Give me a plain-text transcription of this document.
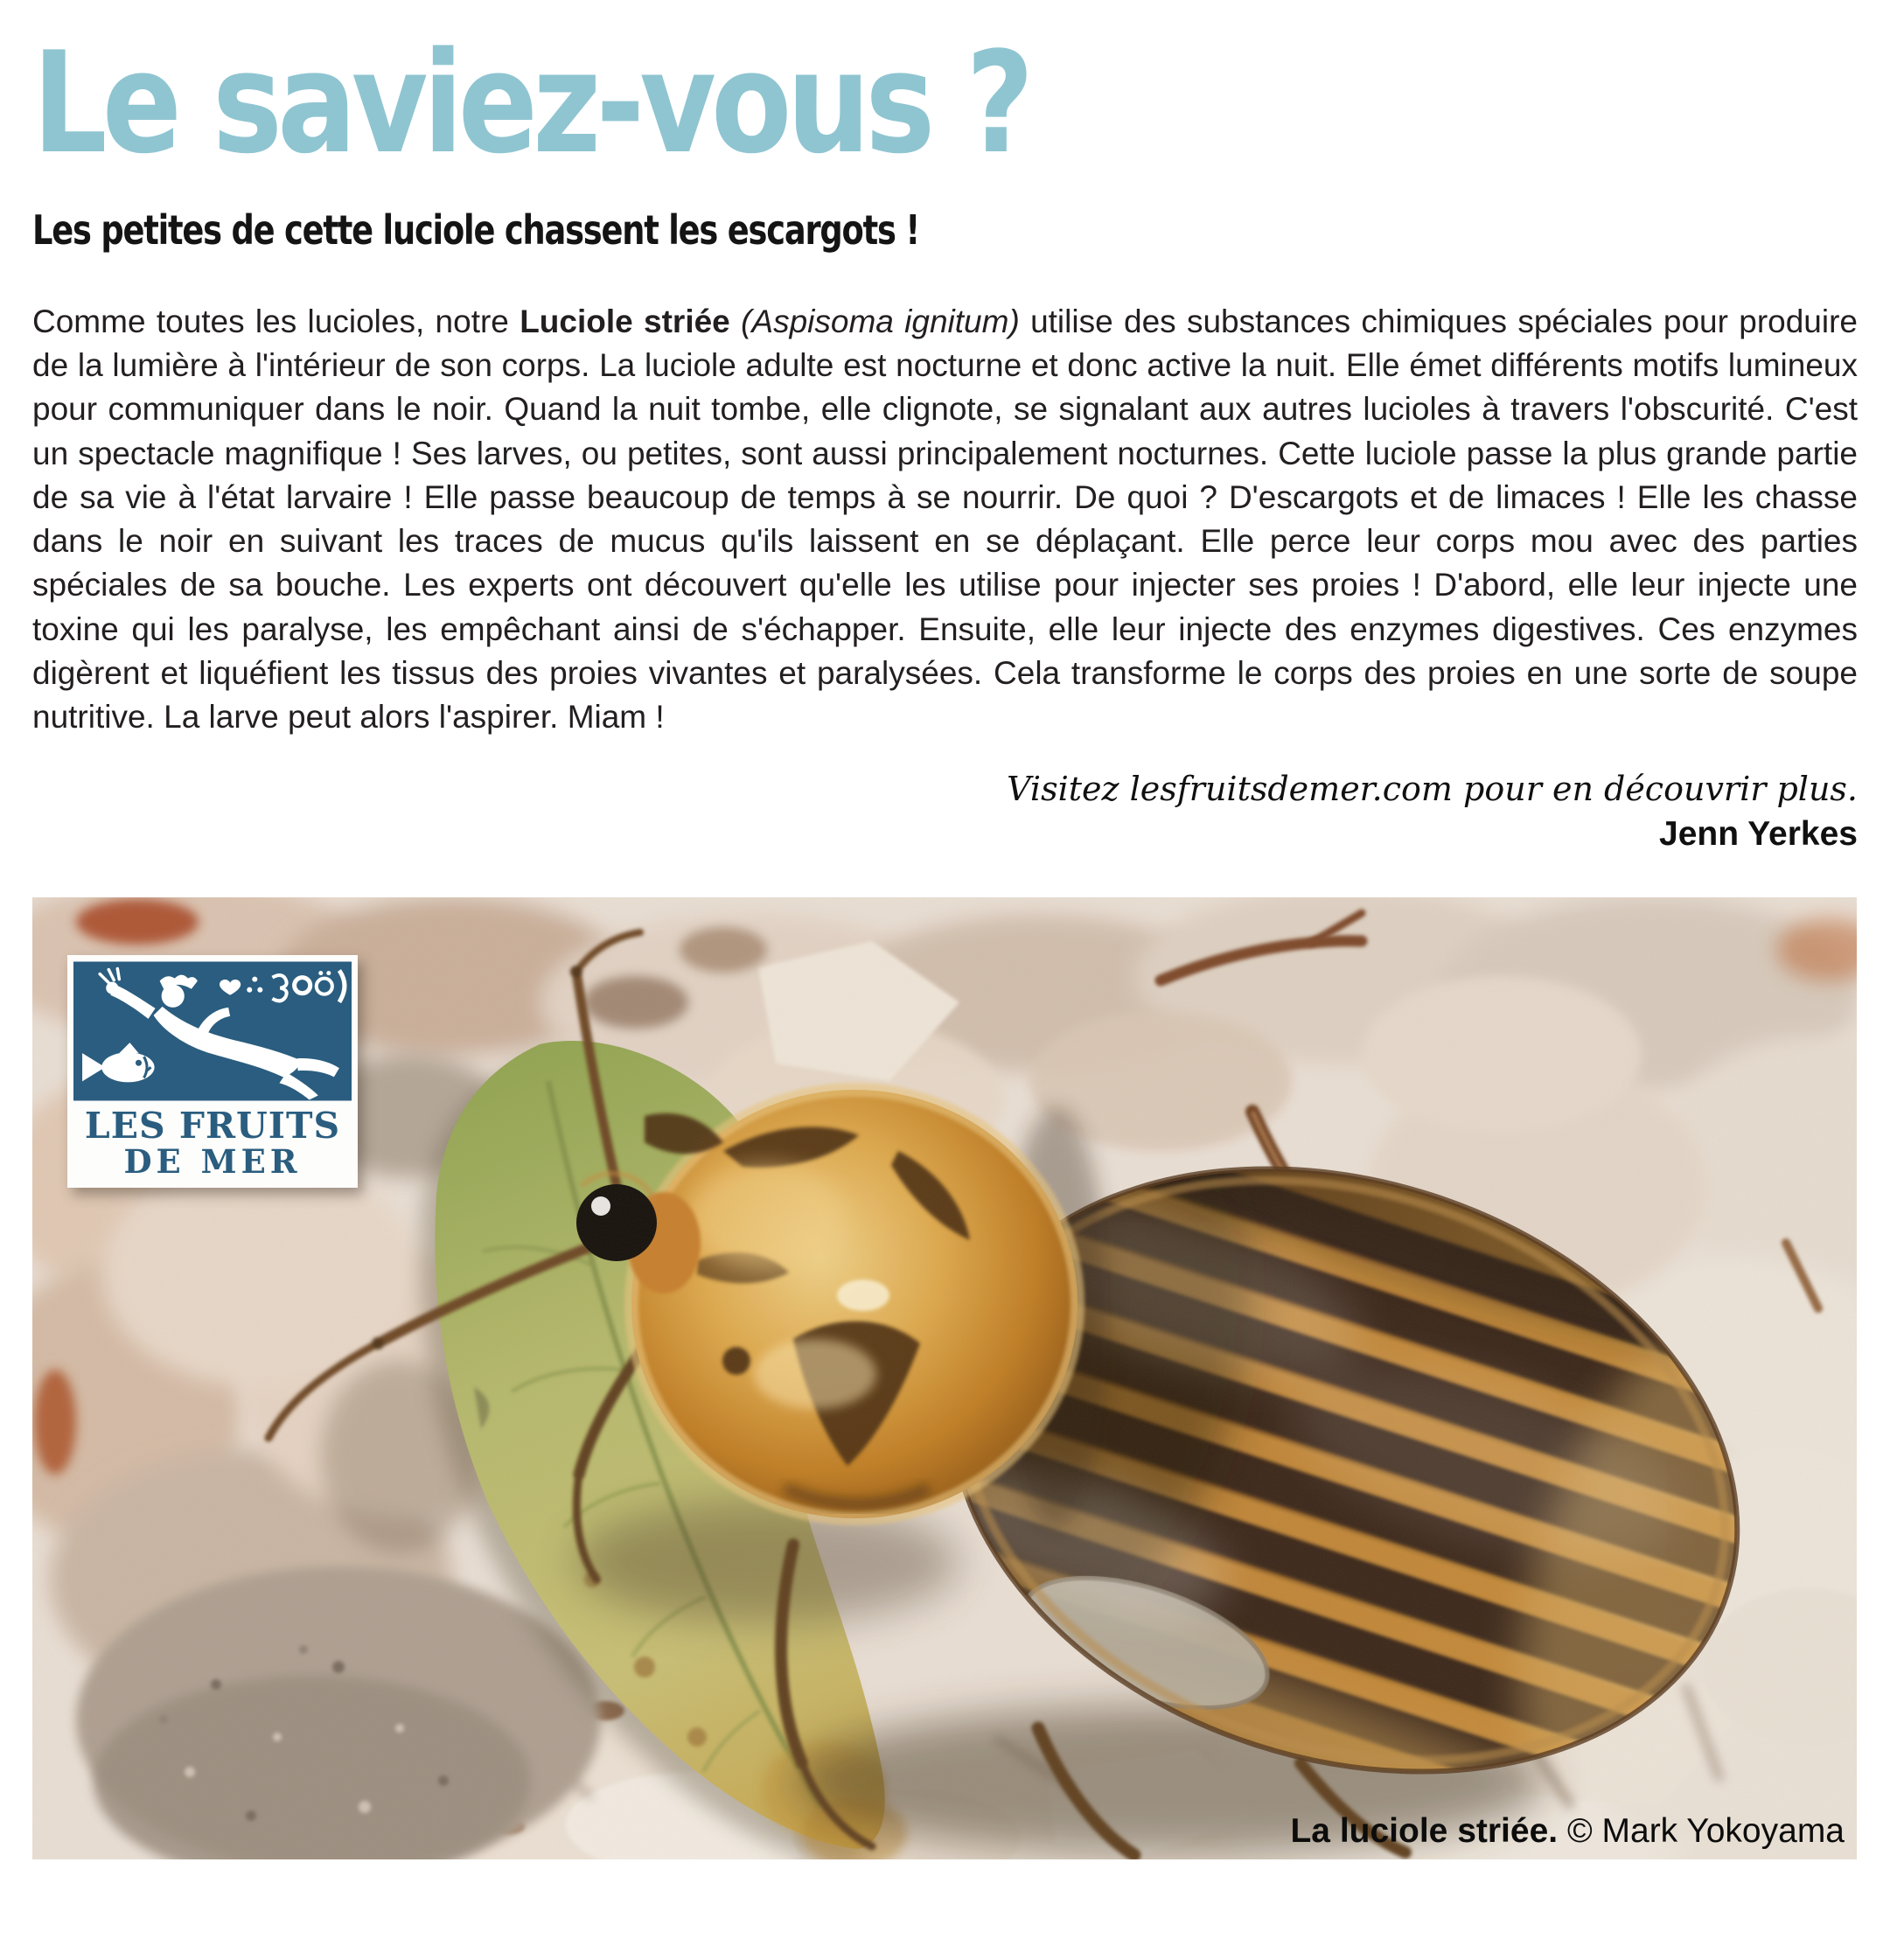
Le saviez-vous ?
Les petites de cette luciole chassent les escargots !

Comme toutes les lucioles, notre Luciole striée (Aspisoma ignitum) utilise des substances chimiques spéciales pour produire de la lumière à l'intérieur de son corps. La luciole adulte est nocturne et donc active la nuit. Elle émet différents motifs lumineux pour communiquer dans le noir. Quand la nuit tombe, elle clignote, se signalant aux autres lucioles à travers l'obscurité. C'est un spectacle magnifique ! Ses larves, ou petites, sont aussi principalement nocturnes. Cette luciole passe la plus grande partie de sa vie à l'état larvaire ! Elle passe beaucoup de temps à se nourrir. De quoi ? D'escargots et de limaces ! Elle les chasse dans le noir en suivant les traces de mucus qu'ils laissent en se déplaçant. Elle perce leur corps mou avec des parties spéciales de sa bouche. Les experts ont découvert qu'elle les utilise pour injecter ses proies ! D'abord, elle leur injecte une toxine qui les paralyse, les empêchant ainsi de s'échapper. Ensuite, elle leur injecte des enzymes digestives. Ces enzymes digèrent et liquéfient les tissus des proies vivantes et paralysées. Cela transforme le corps des proies en une sorte de soupe nutritive. La larve peut alors l'aspirer. Miam !

Visitez lesfruitsdemer.com pour en découvrir plus.
Jenn Yerkes
LES FRUITS
DE MER
La luciole striée. © Mark Yokoyama
